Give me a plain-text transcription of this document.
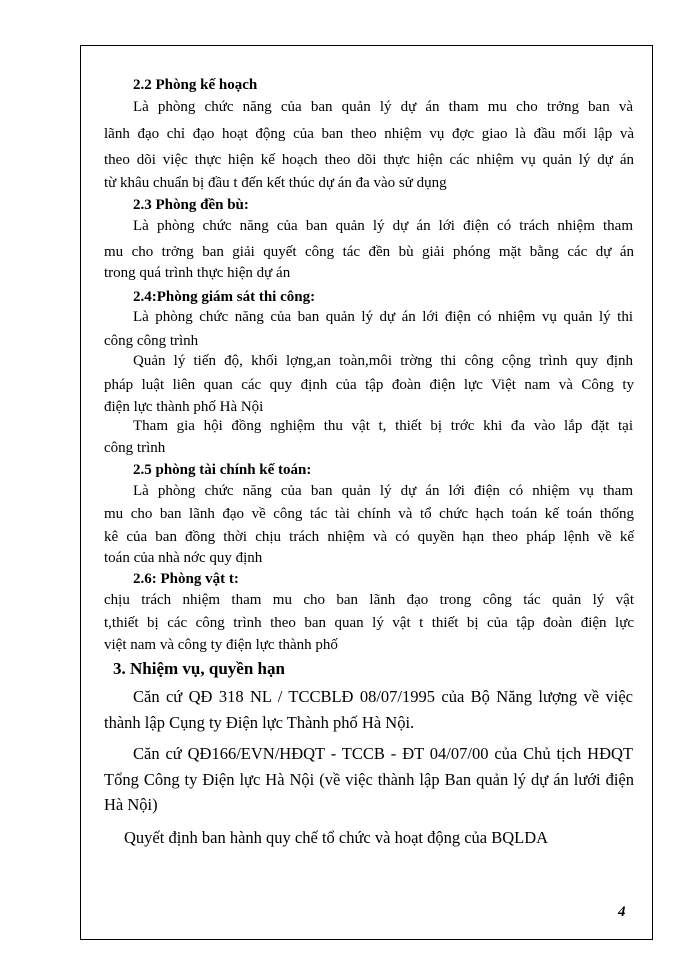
2.2 Phòng kế hoạch
Là phòng chức năng của ban quản lý dự án tham mu cho trởng ban và
lãnh đạo chỉ đạo hoạt động của ban theo nhiệm vụ đợc giao là đầu mối lập và
theo dõi việc thực hiện kế hoạch theo dõi thực hiện các nhiệm vụ quản lý dự án
từ khâu chuẩn bị đầu t đến kết thúc dự án đa vào sử dụng
2.3 Phòng đền bù:
Là phòng chức năng của ban quản lý dự án lới điện có trách nhiệm tham
mu cho trởng ban giải quyết công tác đền bù giải phóng mặt bằng các dự án
trong quá trình thực hiện dự án
2.4:Phòng giám sát thi công:
Là phòng chức năng của ban quản lý dự án lới điện có nhiệm vụ quản lý thi
công công trình
Quản lý tiến độ, khối lợng,an toàn,môi trờng thi công cộng trình quy định
pháp luật liên quan các quy định của tập đoàn điện lực Việt nam và Công ty
điện lực thành phố Hà Nội
Tham gia hội đồng nghiệm thu vật t, thiết bị trớc khi đa vào lắp đặt tại
công trình
2.5 phòng tài chính kế toán:
Là phòng chức năng của ban quản lý dự án lới điện có nhiệm vụ tham
mu cho ban lãnh đạo về công tác tài chính và tổ chức hạch toán kế toán thống
kê của ban đồng thời chịu trách nhiệm và có quyền hạn theo pháp lệnh về kế
toán của nhà nớc quy định
2.6: Phòng vật t:
chịu trách nhiệm tham mu cho ban lãnh đạo trong công tác quản lý vật
t,thiết bị các công trình theo ban quan lý vật t thiết bị của tập đoàn điện lực
việt nam và công ty điện lực thành phố
3. Nhiệm vụ, quyền hạn
Căn cứ QĐ 318 NL / TCCBLĐ 08/07/1995 của Bộ Năng lượng về việc
thành lập Cụng ty Điện lực Thành phố Hà Nội.
Căn cứ QĐ166/EVN/HĐQT - TCCB - ĐT 04/07/00 của Chủ tịch HĐQT
Tổng Công ty Điện lực Hà Nội (về việc thành lập Ban quản lý dự án lưới điện
Hà Nội)
Quyết định ban hành quy chế tổ chức và hoạt động của BQLDA
4
